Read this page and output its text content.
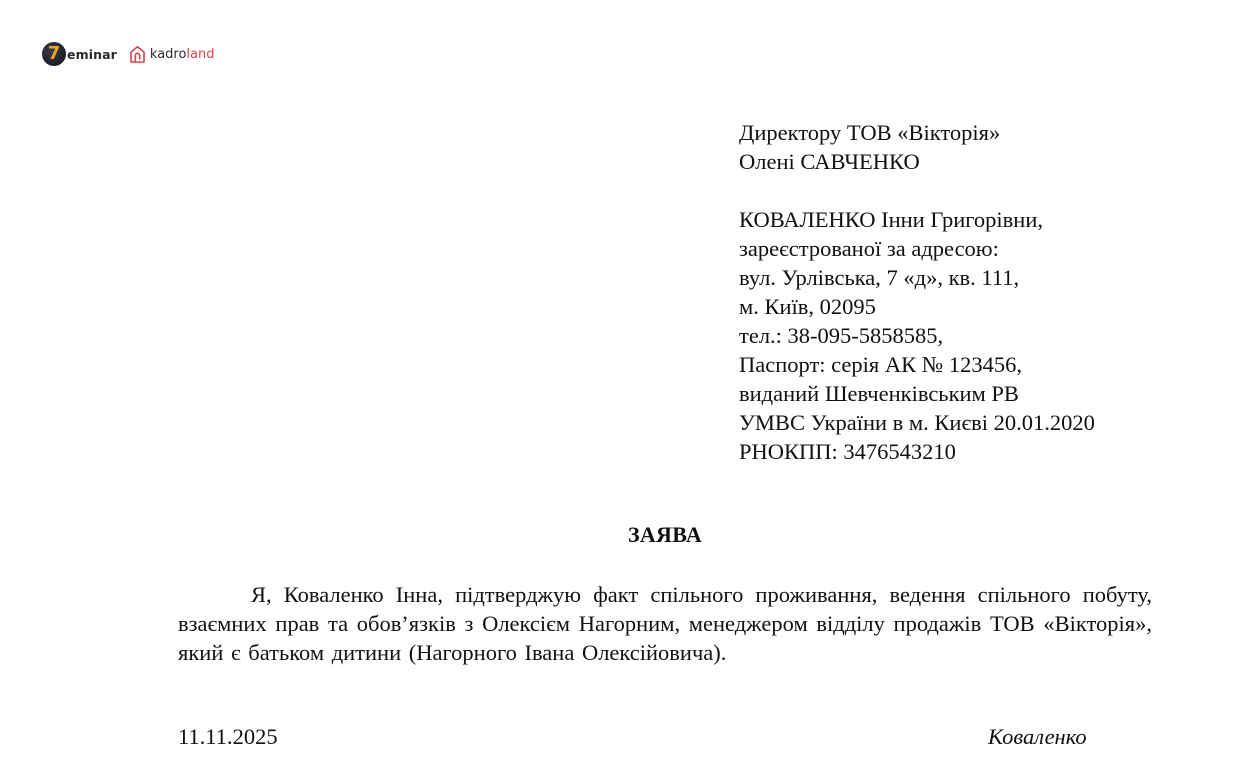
7 eminar	kadro land
Директору ТОВ «Вікторія»
Олені САВЧЕНКО
КОВАЛЕНКО Інни Григорівни,
зареєстрованої за адресою:
вул. Урлівська, 7 «д», кв. 111,
м. Київ, 02095
тел.: 38-095-5858585,
Паспорт: серія АК № 123456,
виданий Шевченківським РВ
УМВС України в м. Києві 20.01.2020
РНОКПП: 3476543210
ЗАЯВА
Я, Коваленко Інна, підтверджую факт спільного проживання, ведення спільного побуту, взаємних прав та обов’язків з Олексієм Нагорним, менеджером відділу продажів ТОВ «Вікторія», який є батьком дитини (Нагорного Івана Олексійовича).
11.11.2025	Коваленко
